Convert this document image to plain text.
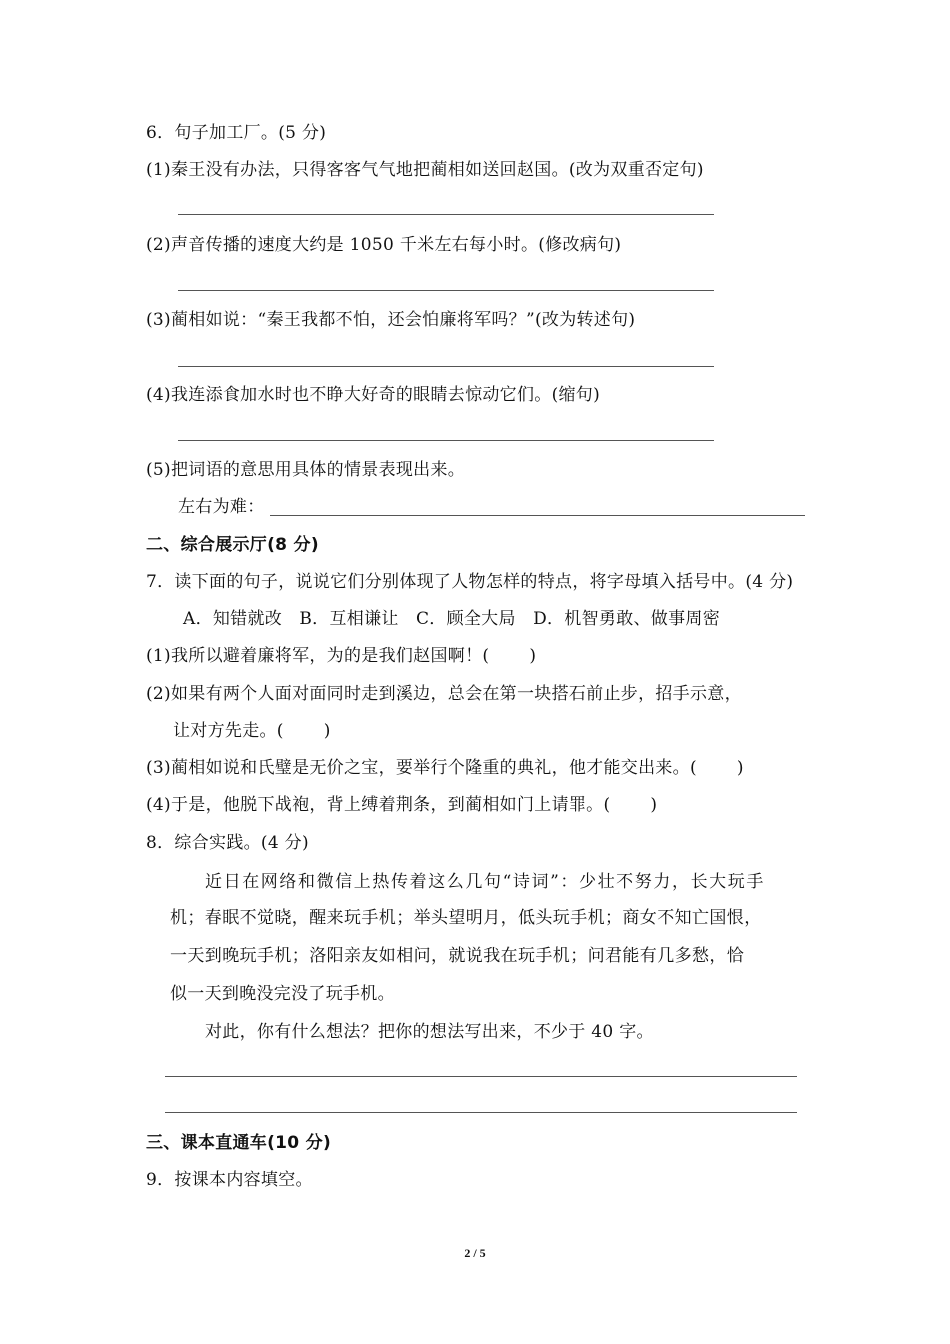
6．句子加工厂。(5 分)
(1)秦王没有办法，只得客客气气地把蔺相如送回赵国。(改为双重否定句)
(2)声音传播的速度大约是 1050 千米左右每小时。(修改病句)
(3)蔺相如说：“秦王我都不怕，还会怕廉将军吗？”(改为转述句)
(4)我连添食加水时也不睁大好奇的眼睛去惊动它们。(缩句)
(5)把词语的意思用具体的情景表现出来。
左右为难：
二、综合展示厅(8 分)
7．读下面的句子，说说它们分别体现了人物怎样的特点，将字母填入括号中。(4 分)
A．知错就改　B．互相谦让　C．顾全大局　D．机智勇敢、做事周密
(1)我所以避着廉将军，为的是我们赵国啊！( )
(2)如果有两个人面对面同时走到溪边，总会在第一块搭石前止步，招手示意，
让对方先走。( )
(3)蔺相如说和氏璧是无价之宝，要举行个隆重的典礼，他才能交出来。( )
(4)于是，他脱下战袍，背上缚着荆条，到蔺相如门上请罪。( )
8．综合实践。(4 分)
近日在网络和微信上热传着这么几句“诗词”：少壮不努力，长大玩手
机；春眠不觉晓，醒来玩手机；举头望明月，低头玩手机；商女不知亡国恨，
一天到晚玩手机；洛阳亲友如相问，就说我在玩手机；问君能有几多愁，恰
似一天到晚没完没了玩手机。
对此，你有什么想法？把你的想法写出来，不少于 40 字。
三、课本直通车(10 分)
9．按课本内容填空。
2 / 5
